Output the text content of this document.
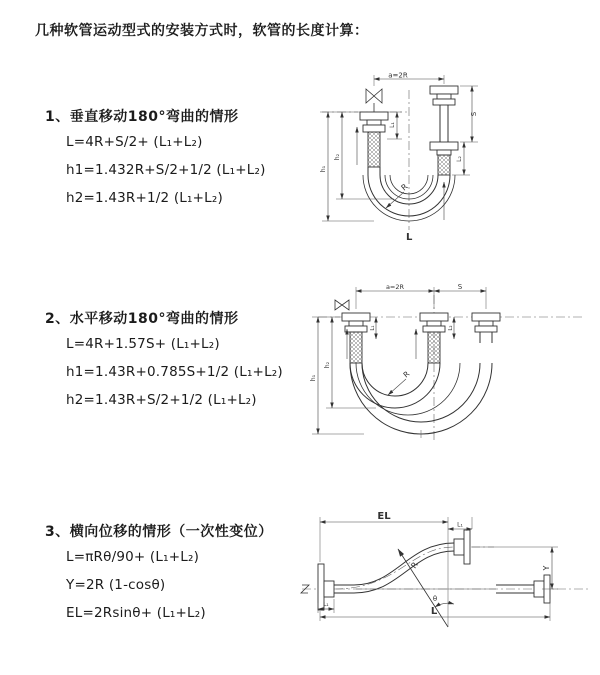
几种软管运动型式的安装方式时，软管的长度计算：
1、垂直移动180°弯曲的情形
L=4R+S/2+ (L₁+L₂)
h1=1.432R+S/2+1/2 (L₁+L₂)
h2=1.43R+1/2 (L₁+L₂)
2、水平移动180°弯曲的情形
L=4R+1.57S+ (L₁+L₂)
h1=1.43R+0.785S+1/2 (L₁+L₂)
h2=1.43R+S/2+1/2 (L₁+L₂)
3、横向位移的情形（一次性变位）
L=πRθ/90+ (L₁+L₂)
Y=2R (1-cosθ)
EL=2Rsinθ+ (L₁+L₂)
a=2R
L₁
S
L₂
h₂
h₁
R
L
a=2R	S
L₁	L₂
h₂
h₁	R
EL
L₁
θ
R	Y
L₁
L
